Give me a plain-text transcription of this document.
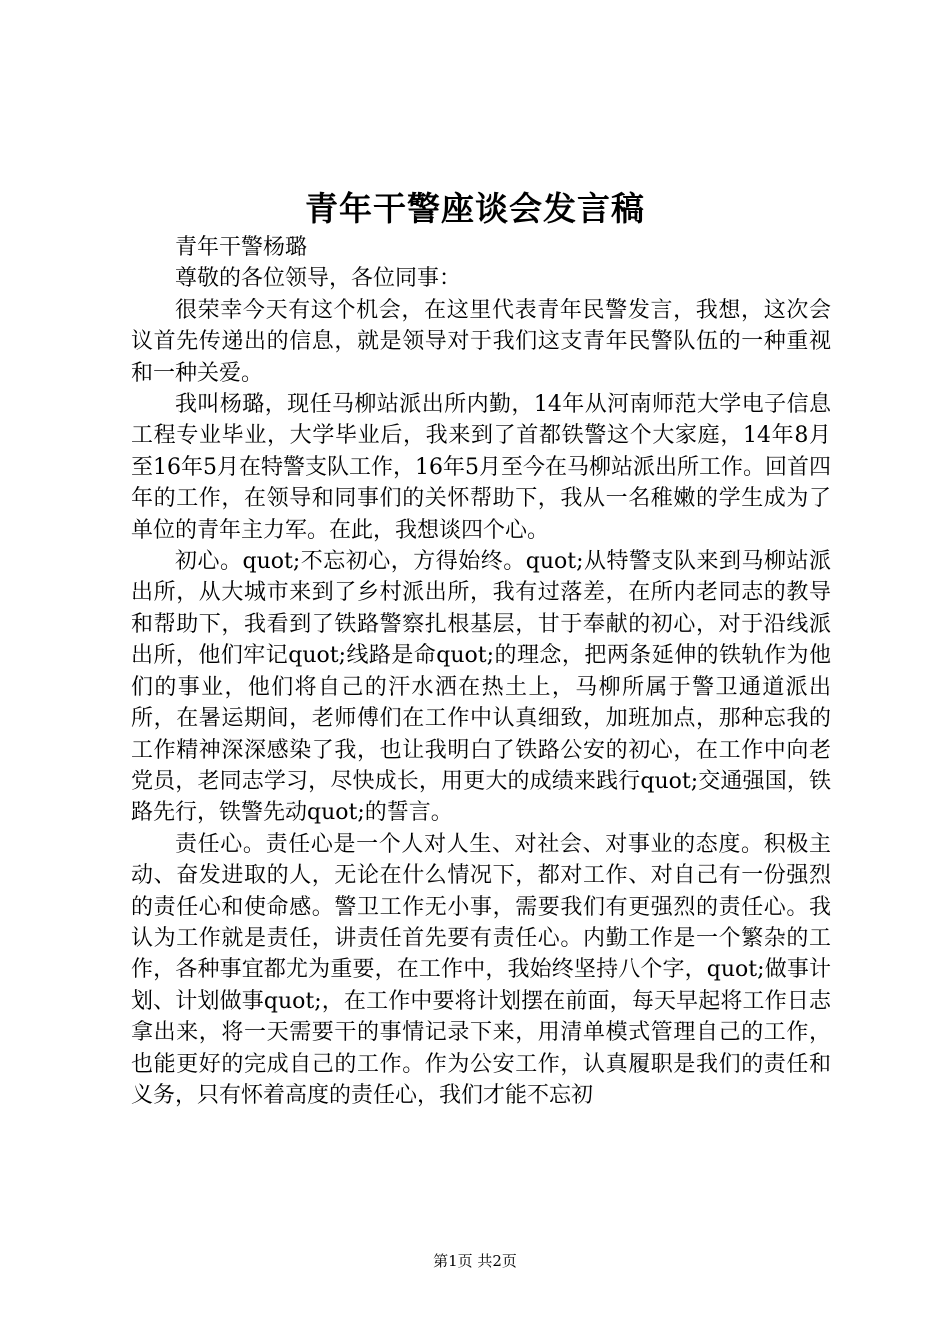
青年干警座谈会发言稿

青年干警杨璐

尊敬的各位领导，各位同事：

很荣幸今天有这个机会，在这里代表青年民警发言，我想，这次会议首先传递出的信息，就是领导对于我们这支青年民警队伍的一种重视和一种关爱。

我叫杨璐，现任马柳站派出所内勤，14年从河南师范大学电子信息工程专业毕业，大学毕业后，我来到了首都铁警这个大家庭，14年8月至16年5月在特警支队工作，16年5月至今在马柳站派出所工作。回首四年的工作，在领导和同事们的关怀帮助下，我从一名稚嫩的学生成为了单位的青年主力军。在此，我想谈四个心。

初心。quot;不忘初心，方得始终。quot;从特警支队来到马柳站派出所，从大城市来到了乡村派出所，我有过落差，在所内老同志的教导和帮助下，我看到了铁路警察扎根基层，甘于奉献的初心，对于沿线派出所，他们牢记quot;线路是命quot;的理念，把两条延伸的铁轨作为他们的事业，他们将自己的汗水洒在热土上，马柳所属于警卫通道派出所，在暑运期间，老师傅们在工作中认真细致，加班加点，那种忘我的工作精神深深感染了我，也让我明白了铁路公安的初心，在工作中向老党员，老同志学习，尽快成长，用更大的成绩来践行quot;交通强国，铁路先行，铁警先动quot;的誓言。

责任心。责任心是一个人对人生、对社会、对事业的态度。积极主动、奋发进取的人，无论在什么情况下，都对工作、对自己有一份强烈的责任心和使命感。警卫工作无小事，需要我们有更强烈的责任心。我认为工作就是责任，讲责任首先要有责任心。内勤工作是一个繁杂的工作，各种事宜都尤为重要，在工作中，我始终坚持八个字，quot;做事计划、计划做事quot;，在工作中要将计划摆在前面，每天早起将工作日志拿出来，将一天需要干的事情记录下来，用清单模式管理自己的工作，也能更好的完成自己的工作。作为公安工作，认真履职是我们的责任和义务，只有怀着高度的责任心，我们才能不忘初

第1页 共2页
